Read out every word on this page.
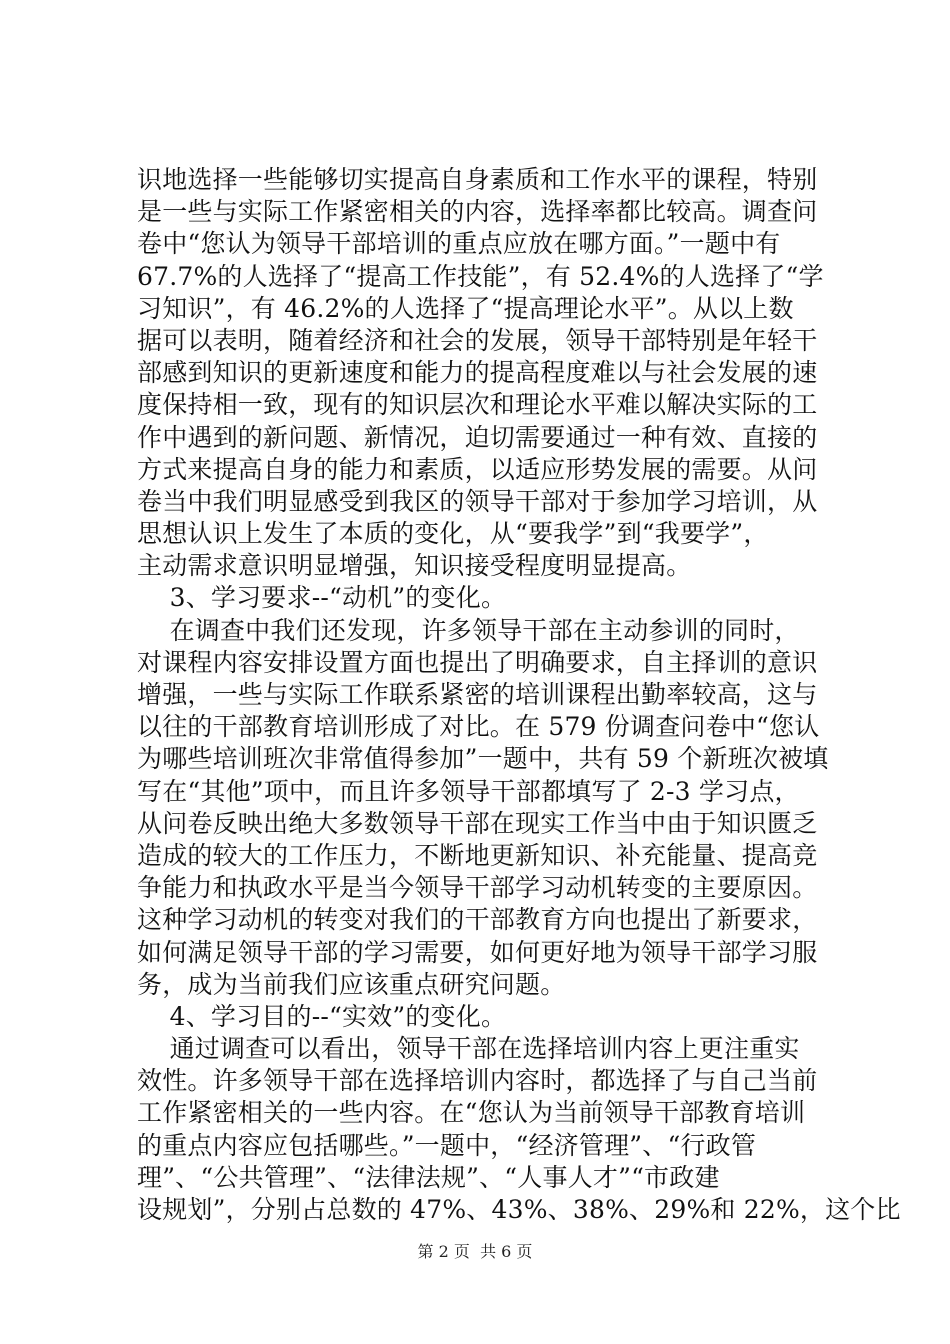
识地选择一些能够切实提高自身素质和工作水平的课程，特别
是一些与实际工作紧密相关的内容，选择率都比较高。调查问
卷中“您认为领导干部培训的重点应放在哪方面。”一题中有
67.7%的人选择了“提高工作技能”，有 52.4%的人选择了“学
习知识”，有 46.2%的人选择了“提高理论水平”。从以上数
据可以表明，随着经济和社会的发展，领导干部特别是年轻干
部感到知识的更新速度和能力的提高程度难以与社会发展的速
度保持相一致，现有的知识层次和理论水平难以解决实际的工
作中遇到的新问题、新情况，迫切需要通过一种有效、直接的
方式来提高自身的能力和素质，以适应形势发展的需要。从问
卷当中我们明显感受到我区的领导干部对于参加学习培训，从
思想认识上发生了本质的变化，从“要我学”到“我要学”，
主动需求意识明显增强，知识接受程度明显提高。
3、学习要求--“动机”的变化。
在调查中我们还发现，许多领导干部在主动参训的同时，
对课程内容安排设置方面也提出了明确要求，自主择训的意识
增强，一些与实际工作联系紧密的培训课程出勤率较高，这与
以往的干部教育培训形成了对比。在 579 份调查问卷中“您认
为哪些培训班次非常值得参加”一题中，共有 59 个新班次被填
写在“其他”项中，而且许多领导干部都填写了 2-3 学习点，
从问卷反映出绝大多数领导干部在现实工作当中由于知识匮乏
造成的较大的工作压力，不断地更新知识、补充能量、提高竞
争能力和执政水平是当今领导干部学习动机转变的主要原因。
这种学习动机的转变对我们的干部教育方向也提出了新要求，
如何满足领导干部的学习需要，如何更好地为领导干部学习服
务，成为当前我们应该重点研究问题。
4、学习目的--“实效”的变化。
通过调查可以看出，领导干部在选择培训内容上更注重实
效性。许多领导干部在选择培训内容时，都选择了与自己当前
工作紧密相关的一些内容。在“您认为当前领导干部教育培训
的重点内容应包括哪些。”一题中，“经济管理”、“行政管
理”、“公共管理”、“法律法规”、“人事人才”“市政建
设规划”，分别占总数的 47%、43%、38%、29%和 22%，这个比
第 2 页  共 6 页
